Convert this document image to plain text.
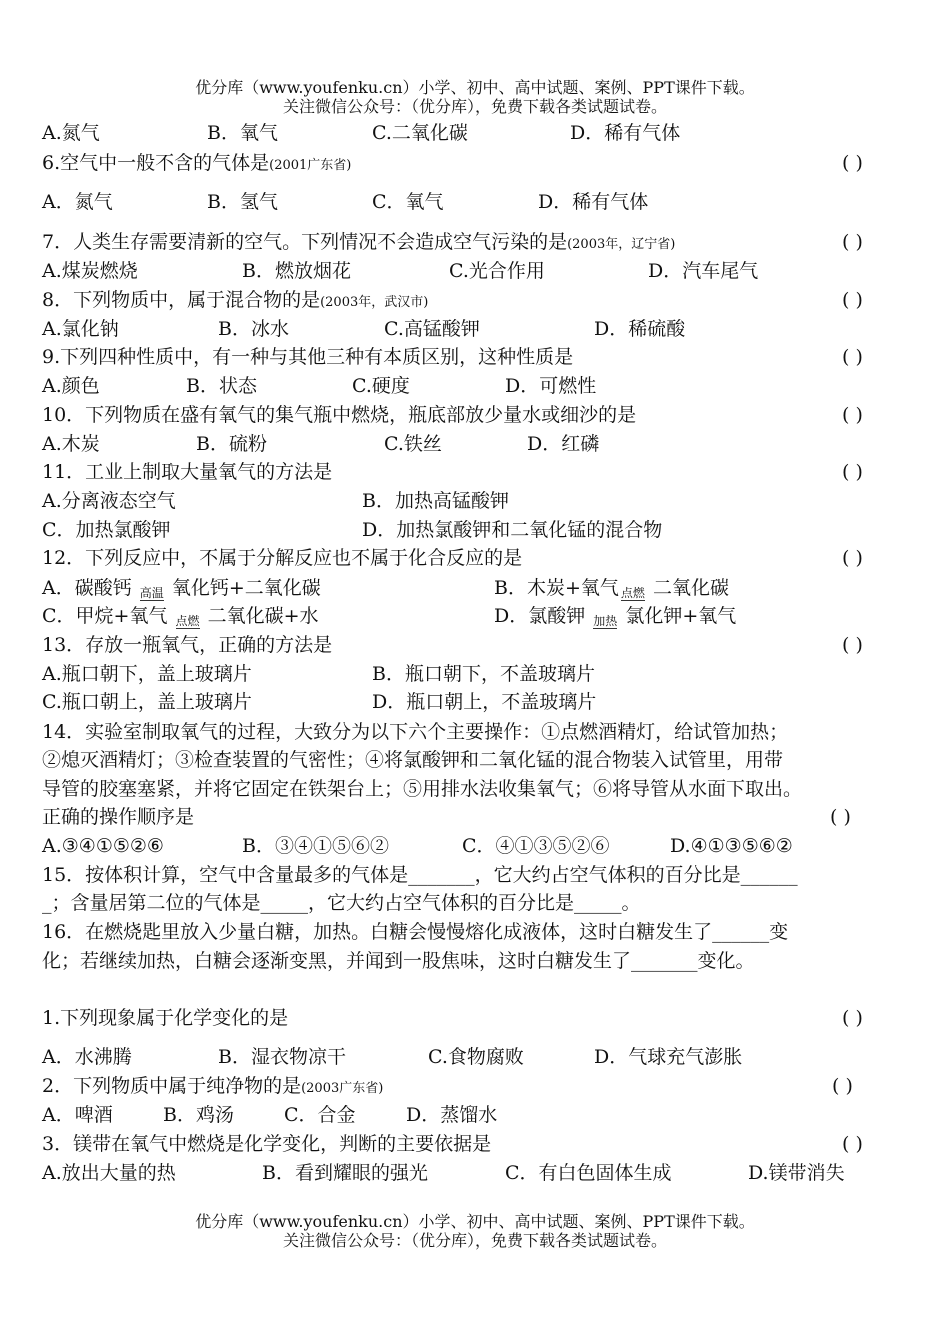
优分库（www.youfenku.cn）小学、初中、高中试题、案例、PPT课件下载。
关注微信公众号：（优分库），免费下载各类试题试卷。
A.氮气	B．氧气	C.二氧化碳	D．稀有气体
6.空气中一般不含的气体是(2001广东省)	( )
A．氮气	B．氢气	C．氧气	D．稀有气体
7．人类生存需要清新的空气。下列情况不会造成空气污染的是(2003年，辽宁省)	( )
A.煤炭燃烧	B．燃放烟花	C.光合作用	D．汽车尾气
8．下列物质中，属于混合物的是(2003年，武汉市)	( )
A.氯化钠	B．冰水	C.高锰酸钾	D．稀硫酸
9.下列四种性质中，有一种与其他三种有本质区别，这种性质是	( )
A.颜色	B．状态	C.硬度	D．可燃性
10．下列物质在盛有氧气的集气瓶中燃烧，瓶底部放少量水或细沙的是	( )
A.木炭	B．硫粉	C.铁丝	D．红磷
11．工业上制取大量氧气的方法是	( )
A.分离液态空气	B．加热高锰酸钾
C．加热氯酸钾	D．加热氯酸钾和二氧化锰的混合物
12．下列反应中，不属于分解反应也不属于化合反应的是	( )
A．碳酸钙 高温 氧化钙+二氧化碳	B．木炭+氧气 点燃 二氧化碳
C．甲烷+氧气 点燃 二氧化碳+水	D．氯酸钾 加热 氯化钾+氧气
13．存放一瓶氧气，正确的方法是	( )
A.瓶口朝下，盖上玻璃片	B．瓶口朝下，不盖玻璃片
C.瓶口朝上，盖上玻璃片	D．瓶口朝上，不盖玻璃片
14．实验室制取氧气的过程，大致分为以下六个主要操作：①点燃酒精灯，给试管加热；
②熄灭酒精灯；③检查装置的气密性；④将氯酸钾和二氧化锰的混合物装入试管里，用带
导管的胶塞塞紧，并将它固定在铁架台上；⑤用排水法收集氧气；⑥将导管从水面下取出。
正确的操作顺序是	( )
A.③④①⑤②⑥	B．③④①⑤⑥②	C．④①③⑤②⑥	D.④①③⑤⑥②
15．按体积计算，空气中含量最多的气体是_______，它大约占空气体积的百分比是______
_；含量居第二位的气体是_____，它大约占空气体积的百分比是_____。
16．在燃烧匙里放入少量白糖，加热。白糖会慢慢熔化成液体，这时白糖发生了______变
化；若继续加热，白糖会逐渐变黑，并闻到一股焦味，这时白糖发生了_______变化。
1.下列现象属于化学变化的是	( )
A．水沸腾	B．湿衣物凉干	C.食物腐败	D．气球充气澎胀
2．下列物质中属于纯净物的是(2003广东省)	( )
A．啤酒	B．鸡汤	C．合金	D．蒸馏水
3．镁带在氧气中燃烧是化学变化，判断的主要依据是	( )
A.放出大量的热	B．看到耀眼的强光	C．有白色固体生成	D.镁带消失
优分库（www.youfenku.cn）小学、初中、高中试题、案例、PPT课件下载。
关注微信公众号：（优分库），免费下载各类试题试卷。
